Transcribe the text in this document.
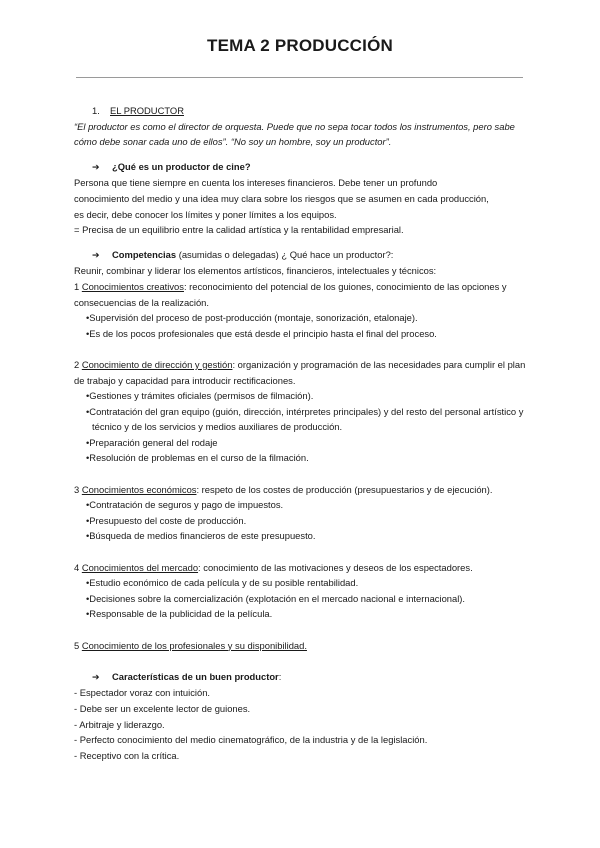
TEMA 2 PRODUCCIÓN

1. EL PRODUCTOR

“El productor es como el director de orquesta. Puede que no sepa tocar todos los instrumentos, pero sabe cómo debe sonar cada uno de ellos”. “No soy un hombre, soy un productor”.

➔ ¿Qué es un productor de cine?

Persona que tiene siempre en cuenta los intereses financieros. Debe tener un profundo

conocimiento del medio y una idea muy clara sobre los riesgos que se asumen en cada producción,

es decir, debe conocer los límites y poner límites a los equipos.

= Precisa de un equilibrio entre la calidad artística y la rentabilidad empresarial.

➔ Competencias (asumidas o delegadas) ¿ Qué hace un productor?:

Reunir, combinar y liderar los elementos artísticos, financieros, intelectuales y técnicos:

1 Conocimientos creativos: reconocimiento del potencial de los guiones, conocimiento de las opciones y consecuencias de la realización.

•Supervisión del proceso de post-producción (montaje, sonorización, etalonaje).

•Es de los pocos profesionales que está desde el principio hasta el final del proceso.

2 Conocimiento de dirección y gestión: organización y programación de las necesidades para cumplir el plan de trabajo y capacidad para introducir rectificaciones.

•Gestiones y trámites oficiales (permisos de filmación).

•Contratación del gran equipo (guión, dirección, intérpretes principales) y del resto del personal artístico y técnico y de los servicios y medios auxiliares de producción.

•Preparación general del rodaje

•Resolución de problemas en el curso de la filmación.

3 Conocimientos económicos: respeto de los costes de producción (presupuestarios y de ejecución).

•Contratación de seguros y pago de impuestos.

•Presupuesto del coste de producción.

•Búsqueda de medios financieros de este presupuesto.

4 Conocimientos del mercado: conocimiento de las motivaciones y deseos de los espectadores.

•Estudio económico de cada película y de su posible rentabilidad.

•Decisiones sobre la comercialización (explotación en el mercado nacional e internacional).

•Responsable de la publicidad de la película.

5 Conocimiento de los profesionales y su disponibilidad.

➔ Características de un buen productor:

- Espectador voraz con intuición.

- Debe ser un excelente lector de guiones.

- Arbitraje y liderazgo.

- Perfecto conocimiento del medio cinematográfico, de la industria y de la legislación.

- Receptivo con la crítica.
